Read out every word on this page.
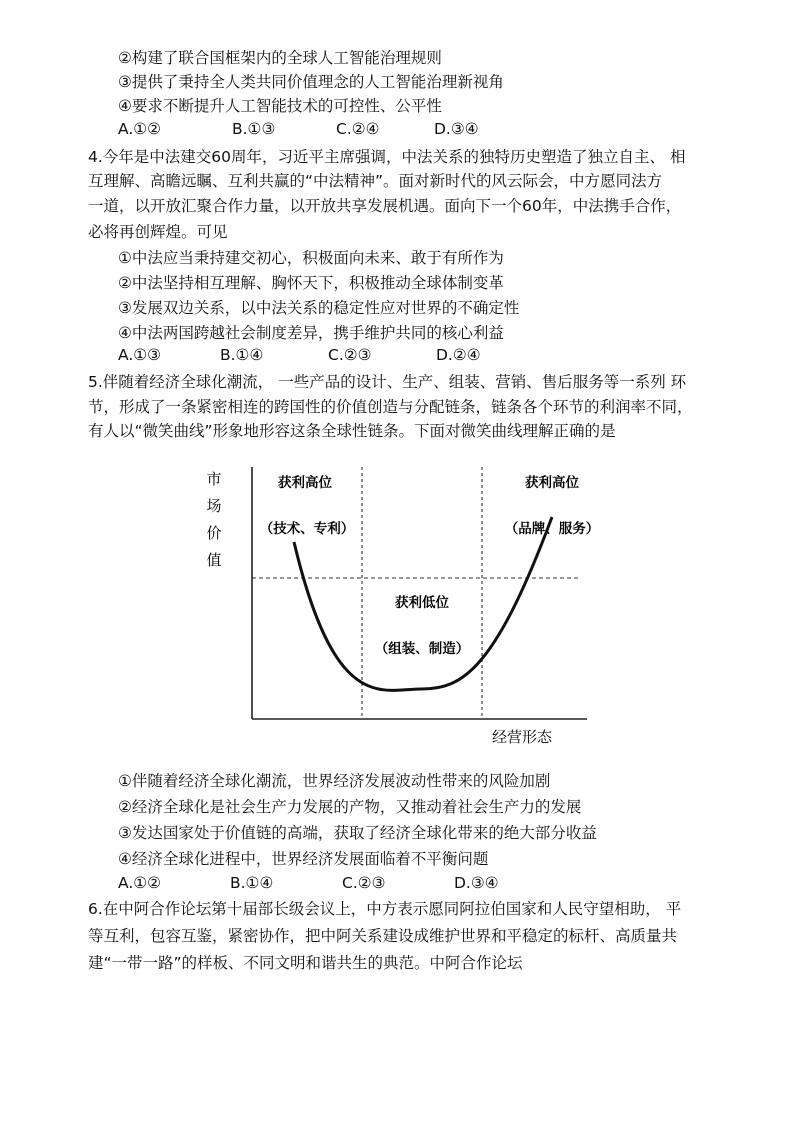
②构建了联合国框架内的全球人工智能治理规则
③提供了秉持全人类共同价值理念的人工智能治理新视角
④要求不断提升人工智能技术的可控性、公平性
A.①②	B.①③	C.②④	D.③④
4.今年是中法建交60周年，习近平主席强调，中法关系的独特历史塑造了独立自主、 相
互理解、高瞻远瞩、互利共赢的“中法精神”。面对新时代的风云际会，中方愿同法方
一道，以开放汇聚合作力量，以开放共享发展机遇。面向下一个60年，中法携手合作，
必将再创辉煌。可见
①中法应当秉持建交初心，积极面向未来、敢于有所作为
②中法坚持相互理解、胸怀天下，积极推动全球体制变革
③发展双边关系，以中法关系的稳定性应对世界的不确定性
④中法两国跨越社会制度差异，携手维护共同的核心利益
A.①③	B.①④	C.②③	D.②④
5.伴随着经济全球化潮流， 一些产品的设计、生产、组装、营销、售后服务等一系列 环
节，形成了一条紧密相连的跨国性的价值创造与分配链条，链条各个环节的利润率不同，
有人以“微笑曲线”形象地形容这条全球性链条。下面对微笑曲线理解正确的是
市
场
价
值
获利高位
（技术、专利）
获利高位
（品牌、服务）
获利低位
（组装、制造）
经营形态
①伴随着经济全球化潮流，世界经济发展波动性带来的风险加剧
②经济全球化是社会生产力发展的产物，又推动着社会生产力的发展
③发达国家处于价值链的高端，获取了经济全球化带来的绝大部分收益
④经济全球化进程中，世界经济发展面临着不平衡问题
A.①②	B.①④	C.②③	D.③④
6.在中阿合作论坛第十届部长级会议上，中方表示愿同阿拉伯国家和人民守望相助， 平
等互利，包容互鉴，紧密协作，把中阿关系建设成维护世界和平稳定的标杆、高质量共
建“一带一路”的样板、不同文明和谐共生的典范。中阿合作论坛
